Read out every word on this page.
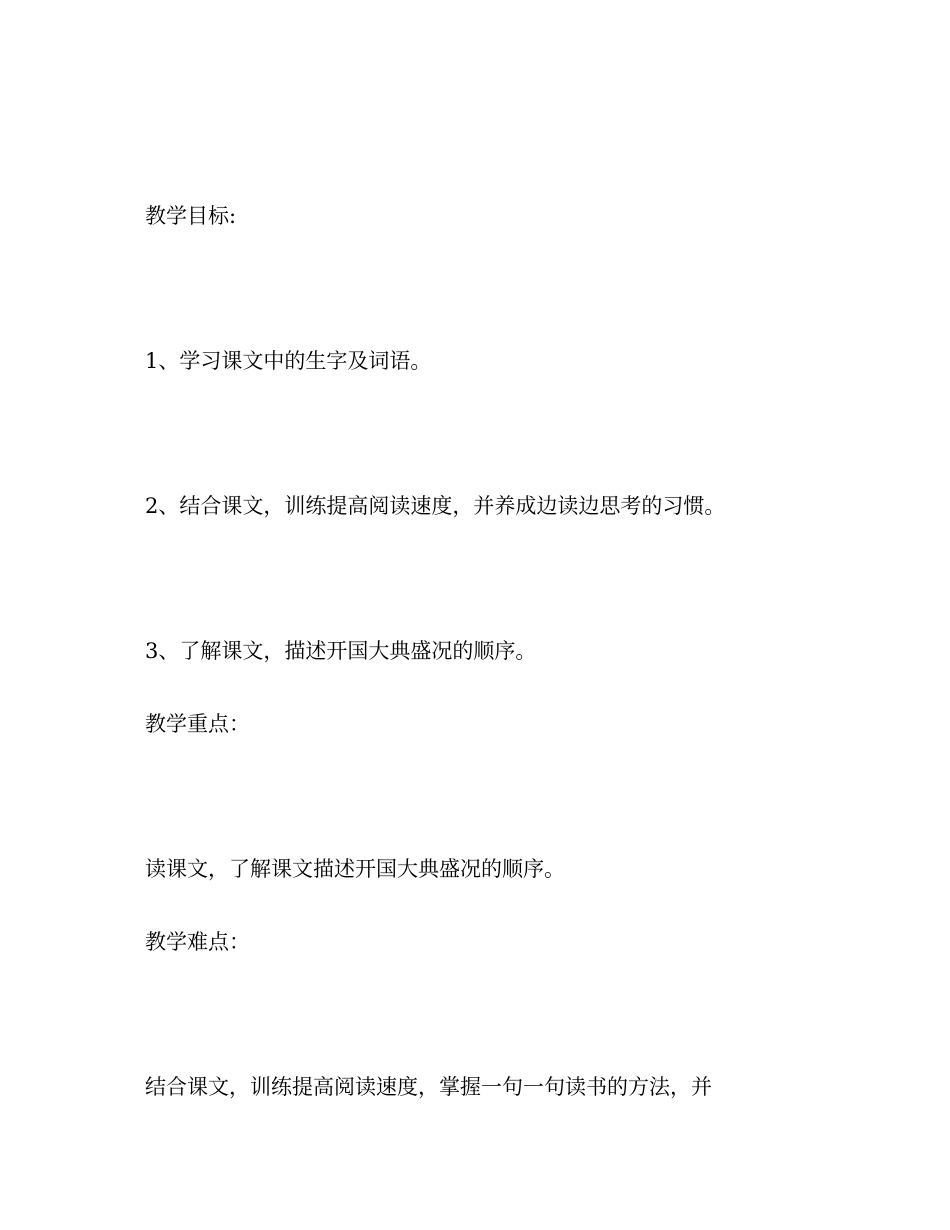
教学目标:

1、学习课文中的生字及词语。

2、结合课文，训练提高阅读速度，并养成边读边思考的习惯。

3、了解课文，描述开国大典盛况的顺序。

教学重点：

读课文，了解课文描述开国大典盛况的顺序。

教学难点：

结合课文，训练提高阅读速度，掌握一句一句读书的方法，并
